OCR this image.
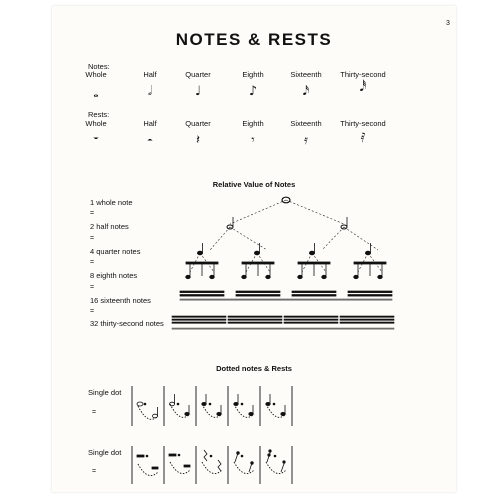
3
NOTES & RESTS
Notes:
Whole	Half	Quarter	Eighth	Sixteenth	Thirty-second
𝅝	𝅗𝅥	♩	♪	𝅘𝅥𝅯	𝅘𝅥𝅰
Rests:
Whole	Half	Quarter	Eighth	Sixteenth	Thirty-second
𝄻	𝄼	𝄽	𝄾	𝄿	𝅀
Relative Value of Notes
1 whole note
=
2 half notes
=
4 quarter notes
=
8 eighth notes
=
16 sixteenth notes
=
32 thirty-second notes
Dotted notes & Rests
Single dot
=
Single dot
=
